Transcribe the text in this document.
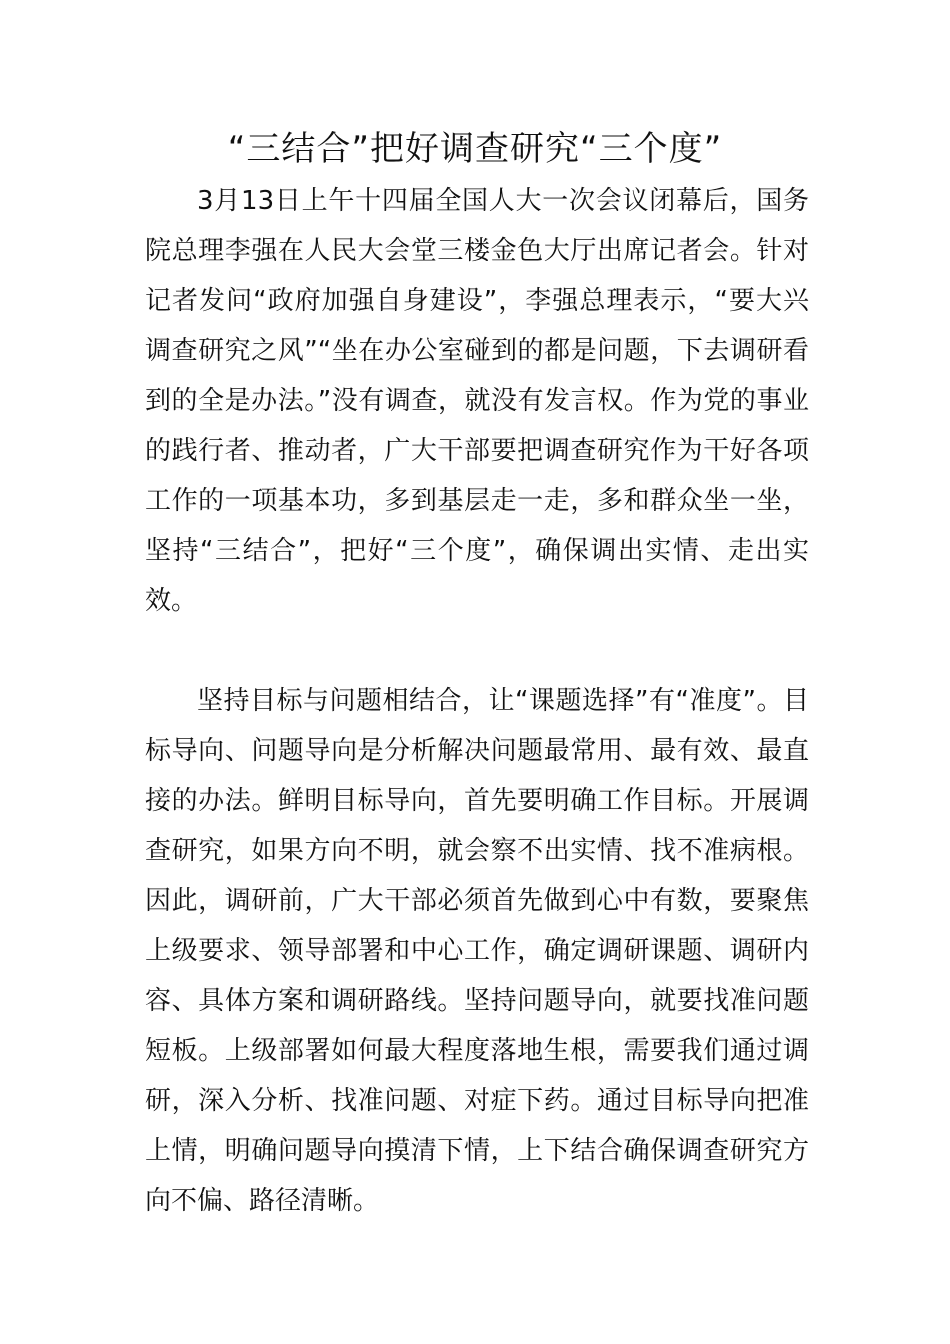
“三结合”把好调查研究“三个度”

3月13日上午十四届全国人大一次会议闭幕后，国务院总理李强在人民大会堂三楼金色大厅出席记者会。针对记者发问“政府加强自身建设”，李强总理表示，“要大兴调查研究之风”“坐在办公室碰到的都是问题，下去调研看到的全是办法。”没有调查，就没有发言权。作为党的事业的践行者、推动者，广大干部要把调查研究作为干好各项工作的一项基本功，多到基层走一走，多和群众坐一坐，坚持“三结合”，把好“三个度”，确保调出实情、走出实效。

坚持目标与问题相结合，让“课题选择”有“准度”。目标导向、问题导向是分析解决问题最常用、最有效、最直接的办法。鲜明目标导向，首先要明确工作目标。开展调查研究，如果方向不明，就会察不出实情、找不准病根。因此，调研前，广大干部必须首先做到心中有数，要聚焦上级要求、领导部署和中心工作，确定调研课题、调研内容、具体方案和调研路线。坚持问题导向，就要找准问题短板。上级部署如何最大程度落地生根，需要我们通过调研，深入分析、找准问题、对症下药。通过目标导向把准上情，明确问题导向摸清下情，上下结合确保调查研究方向不偏、路径清晰。
